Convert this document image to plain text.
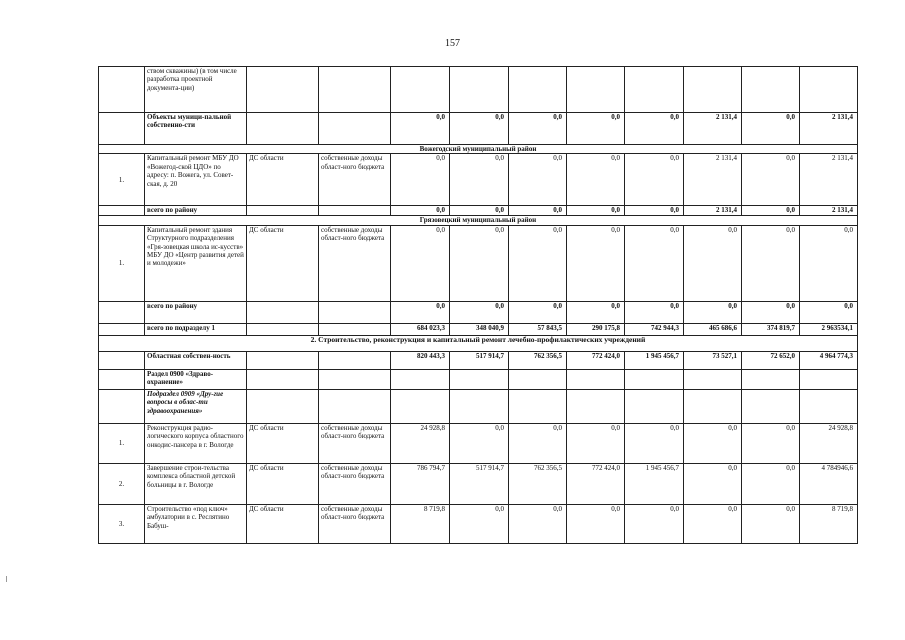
157
	ством скважины) (в том числе разработка проектной документа-ции)										
	Объекты муници-пальной собственно-сти			0,0	0,0	0,0	0,0	0,0	2 131,4	0,0	2 131,4
Вожегодский муниципальный район											
1.	Капитальный ремонт МБУ ДО «Вожегод-ской ЦДО» по адресу: п. Вожега, ул. Совет-ская, д. 20	ДС области	собственные доходы област-ного бюджета	0,0	0,0	0,0	0,0	0,0	2 131,4	0,0	2 131,4
	всего по району			0,0	0,0	0,0	0,0	0,0	2 131,4	0,0	2 131,4
Грязовецкий муниципальный район											
1.	Капитальный ремонт здания Структурного подразделения «Гря-зовецкая школа ис-кусств» МБУ ДО «Центр развития детей и молодежи»	ДС области	собственные доходы област-ного бюджета	0,0	0,0	0,0	0,0	0,0	0,0	0,0	0,0
	всего по району			0,0	0,0	0,0	0,0	0,0	0,0	0,0	0,0
	всего по подразделу 1			684 023,3	348 040,9	57 843,5	290 175,8	742 944,3	465 686,6	374 819,7	2 963534,1
2. Строительство, реконструкция и капитальный ремонт лечебно-профилактических учреждений											
	Областная собствен-ность			820 443,3	517 914,7	762 356,5	772 424,0	1 945 456,7	73 527,1	72 652,0	4 964 774,3
	Раздел 0900 «Здраво-охранение»										
	Подраздел 0909 «Дру-гие вопросы в облас-ти здравоохранения»										
1.	Реконструкция радио-логического корпуса областного онкодис-пансера в г. Вологде	ДС области	собственные доходы област-ного бюджета	24 928,8	0,0	0,0	0,0	0,0	0,0	0,0	24 928,8
2.	Завершение строи-тельства комплекса областной детской больницы в г. Вологде	ДС области	собственные доходы област-ного бюджета	786 794,7	517 914,7	762 356,5	772 424,0	1 945 456,7	0,0	0,0	4 784946,6
3.	Строительство «под ключ» амбулатории в с. Реслятино Бабуш-	ДС области	собственные доходы област-ного бюджета	8 719,8	0,0	0,0	0,0	0,0	0,0	0,0	8 719,8
